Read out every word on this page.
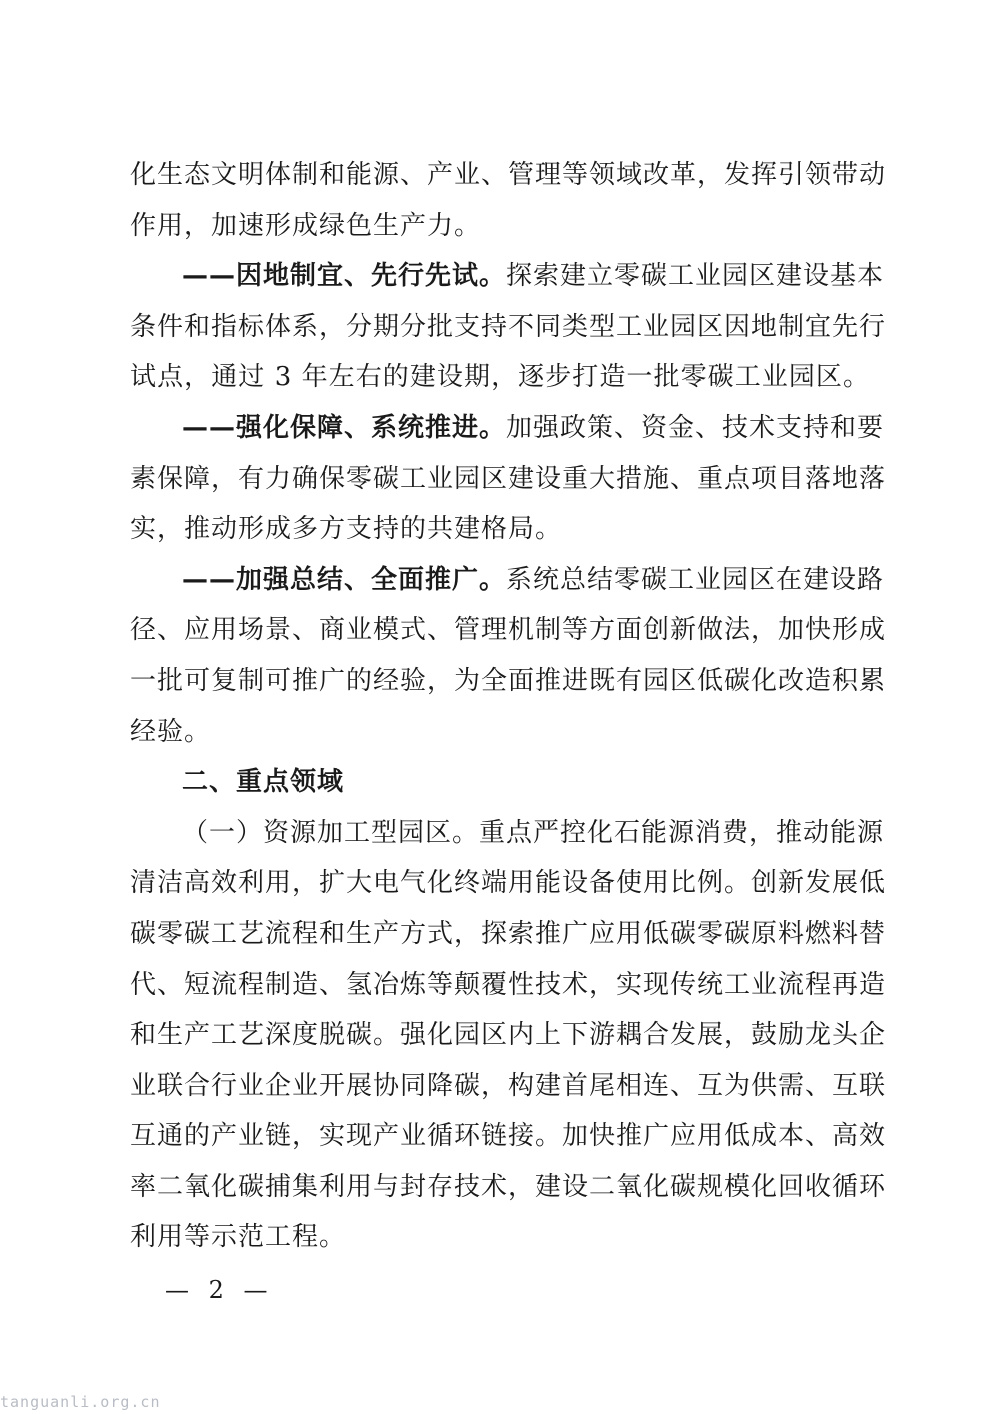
化生态文明体制和能源、产业、管理等领域改革，发挥引领带动
作用，加速形成绿色生产力。
——因地制宜、先行先试。探索建立零碳工业园区建设基本
条件和指标体系，分期分批支持不同类型工业园区因地制宜先行
试点，通过 3 年左右的建设期，逐步打造一批零碳工业园区。
——强化保障、系统推进。加强政策、资金、技术支持和要
素保障，有力确保零碳工业园区建设重大措施、重点项目落地落
实，推动形成多方支持的共建格局。
——加强总结、全面推广。系统总结零碳工业园区在建设路
径、应用场景、商业模式、管理机制等方面创新做法，加快形成
一批可复制可推广的经验，为全面推进既有园区低碳化改造积累
经验。
二、重点领域
（一）资源加工型园区。重点严控化石能源消费，推动能源
清洁高效利用，扩大电气化终端用能设备使用比例。创新发展低
碳零碳工艺流程和生产方式，探索推广应用低碳零碳原料燃料替
代、短流程制造、氢冶炼等颠覆性技术，实现传统工业流程再造
和生产工艺深度脱碳。强化园区内上下游耦合发展，鼓励龙头企
业联合行业企业开展协同降碳，构建首尾相连、互为供需、互联
互通的产业链，实现产业循环链接。加快推广应用低成本、高效
率二氧化碳捕集利用与封存技术，建设二氧化碳规模化回收循环
利用等示范工程。
— 2 —
tanguanli.org.cn
